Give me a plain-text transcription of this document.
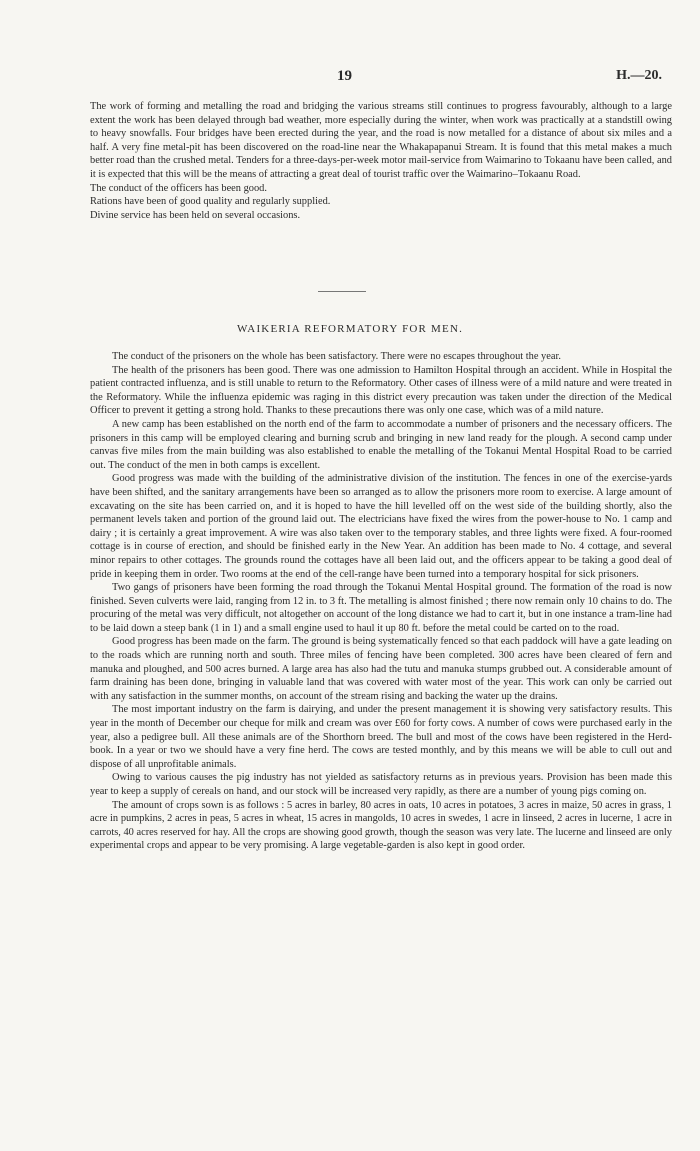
19	H.—20.

The work of forming and metalling the road and bridging the various streams still continues to progress favourably, although to a large extent the work has been delayed through bad weather, more especially during the winter, when work was practically at a standstill owing to heavy snowfalls. Four bridges have been erected during the year, and the road is now metalled for a distance of about six miles and a half. A very fine metal-pit has been discovered on the road-line near the Whakapapanui Stream. It is found that this metal makes a much better road than the crushed metal. Tenders for a three-days-per-week motor mail-service from Waimarino to Tokaanu have been called, and it is expected that this will be the means of attracting a great deal of tourist traffic over the Waimarino–Tokaanu Road.

The conduct of the officers has been good.

Rations have been of good quality and regularly supplied.

Divine service has been held on several occasions.

WAIKERIA REFORMATORY FOR MEN.

The conduct of the prisoners on the whole has been satisfactory. There were no escapes throughout the year.

The health of the prisoners has been good. There was one admission to Hamilton Hospital through an accident. While in Hospital the patient contracted influenza, and is still unable to return to the Reformatory. Other cases of illness were of a mild nature and were treated in the Reformatory. While the influenza epidemic was raging in this district every precaution was taken under the direction of the Medical Officer to prevent it getting a strong hold. Thanks to these precautions there was only one case, which was of a mild nature.

A new camp has been established on the north end of the farm to accommodate a number of prisoners and the necessary officers. The prisoners in this camp will be employed clearing and burning scrub and bringing in new land ready for the plough. A second camp under canvas five miles from the main building was also established to enable the metalling of the Tokanui Mental Hospital Road to be carried out. The conduct of the men in both camps is excellent.

Good progress was made with the building of the administrative division of the institution. The fences in one of the exercise-yards have been shifted, and the sanitary arrangements have been so arranged as to allow the prisoners more room to exercise. A large amount of excavating on the site has been carried on, and it is hoped to have the hill levelled off on the west side of the building shortly, also the permanent levels taken and portion of the ground laid out. The electricians have fixed the wires from the power-house to No. 1 camp and dairy ; it is certainly a great improvement. A wire was also taken over to the temporary stables, and three lights were fixed. A four-roomed cottage is in course of erection, and should be finished early in the New Year. An addition has been made to No. 4 cottage, and several minor repairs to other cottages. The grounds round the cottages have all been laid out, and the officers appear to be taking a good deal of pride in keeping them in order. Two rooms at the end of the cell-range have been turned into a temporary hospital for sick prisoners.

Two gangs of prisoners have been forming the road through the Tokanui Mental Hospital ground. The formation of the road is now finished. Seven culverts were laid, ranging from 12 in. to 3 ft. The metalling is almost finished ; there now remain only 10 chains to do. The procuring of the metal was very difficult, not altogether on account of the long distance we had to cart it, but in one instance a tram-line had to be laid down a steep bank (1 in 1) and a small engine used to haul it up 80 ft. before the metal could be carted on to the road.

Good progress has been made on the farm. The ground is being systematically fenced so that each paddock will have a gate leading on to the roads which are running north and south. Three miles of fencing have been completed. 300 acres have been cleared of fern and manuka and ploughed, and 500 acres burned. A large area has also had the tutu and manuka stumps grubbed out. A considerable amount of farm draining has been done, bringing in valuable land that was covered with water most of the year. This work can only be carried out with any satisfaction in the summer months, on account of the stream rising and backing the water up the drains.

The most important industry on the farm is dairying, and under the present management it is showing very satisfactory results. This year in the month of December our cheque for milk and cream was over £60 for forty cows. A number of cows were purchased early in the year, also a pedigree bull. All these animals are of the Shorthorn breed. The bull and most of the cows have been registered in the Herd-book. In a year or two we should have a very fine herd. The cows are tested monthly, and by this means we will be able to cull out and dispose of all unprofitable animals.

Owing to various causes the pig industry has not yielded as satisfactory returns as in previous years. Provision has been made this year to keep a supply of cereals on hand, and our stock will be increased very rapidly, as there are a number of young pigs coming on.

The amount of crops sown is as follows : 5 acres in barley, 80 acres in oats, 10 acres in potatoes, 3 acres in maize, 50 acres in grass, 1 acre in pumpkins, 2 acres in peas, 5 acres in wheat, 15 acres in mangolds, 10 acres in swedes, 1 acre in linseed, 2 acres in lucerne, 1 acre in carrots, 40 acres reserved for hay. All the crops are showing good growth, though the season was very late. The lucerne and linseed are only experimental crops and appear to be very promising. A large vegetable-garden is also kept in good order.
